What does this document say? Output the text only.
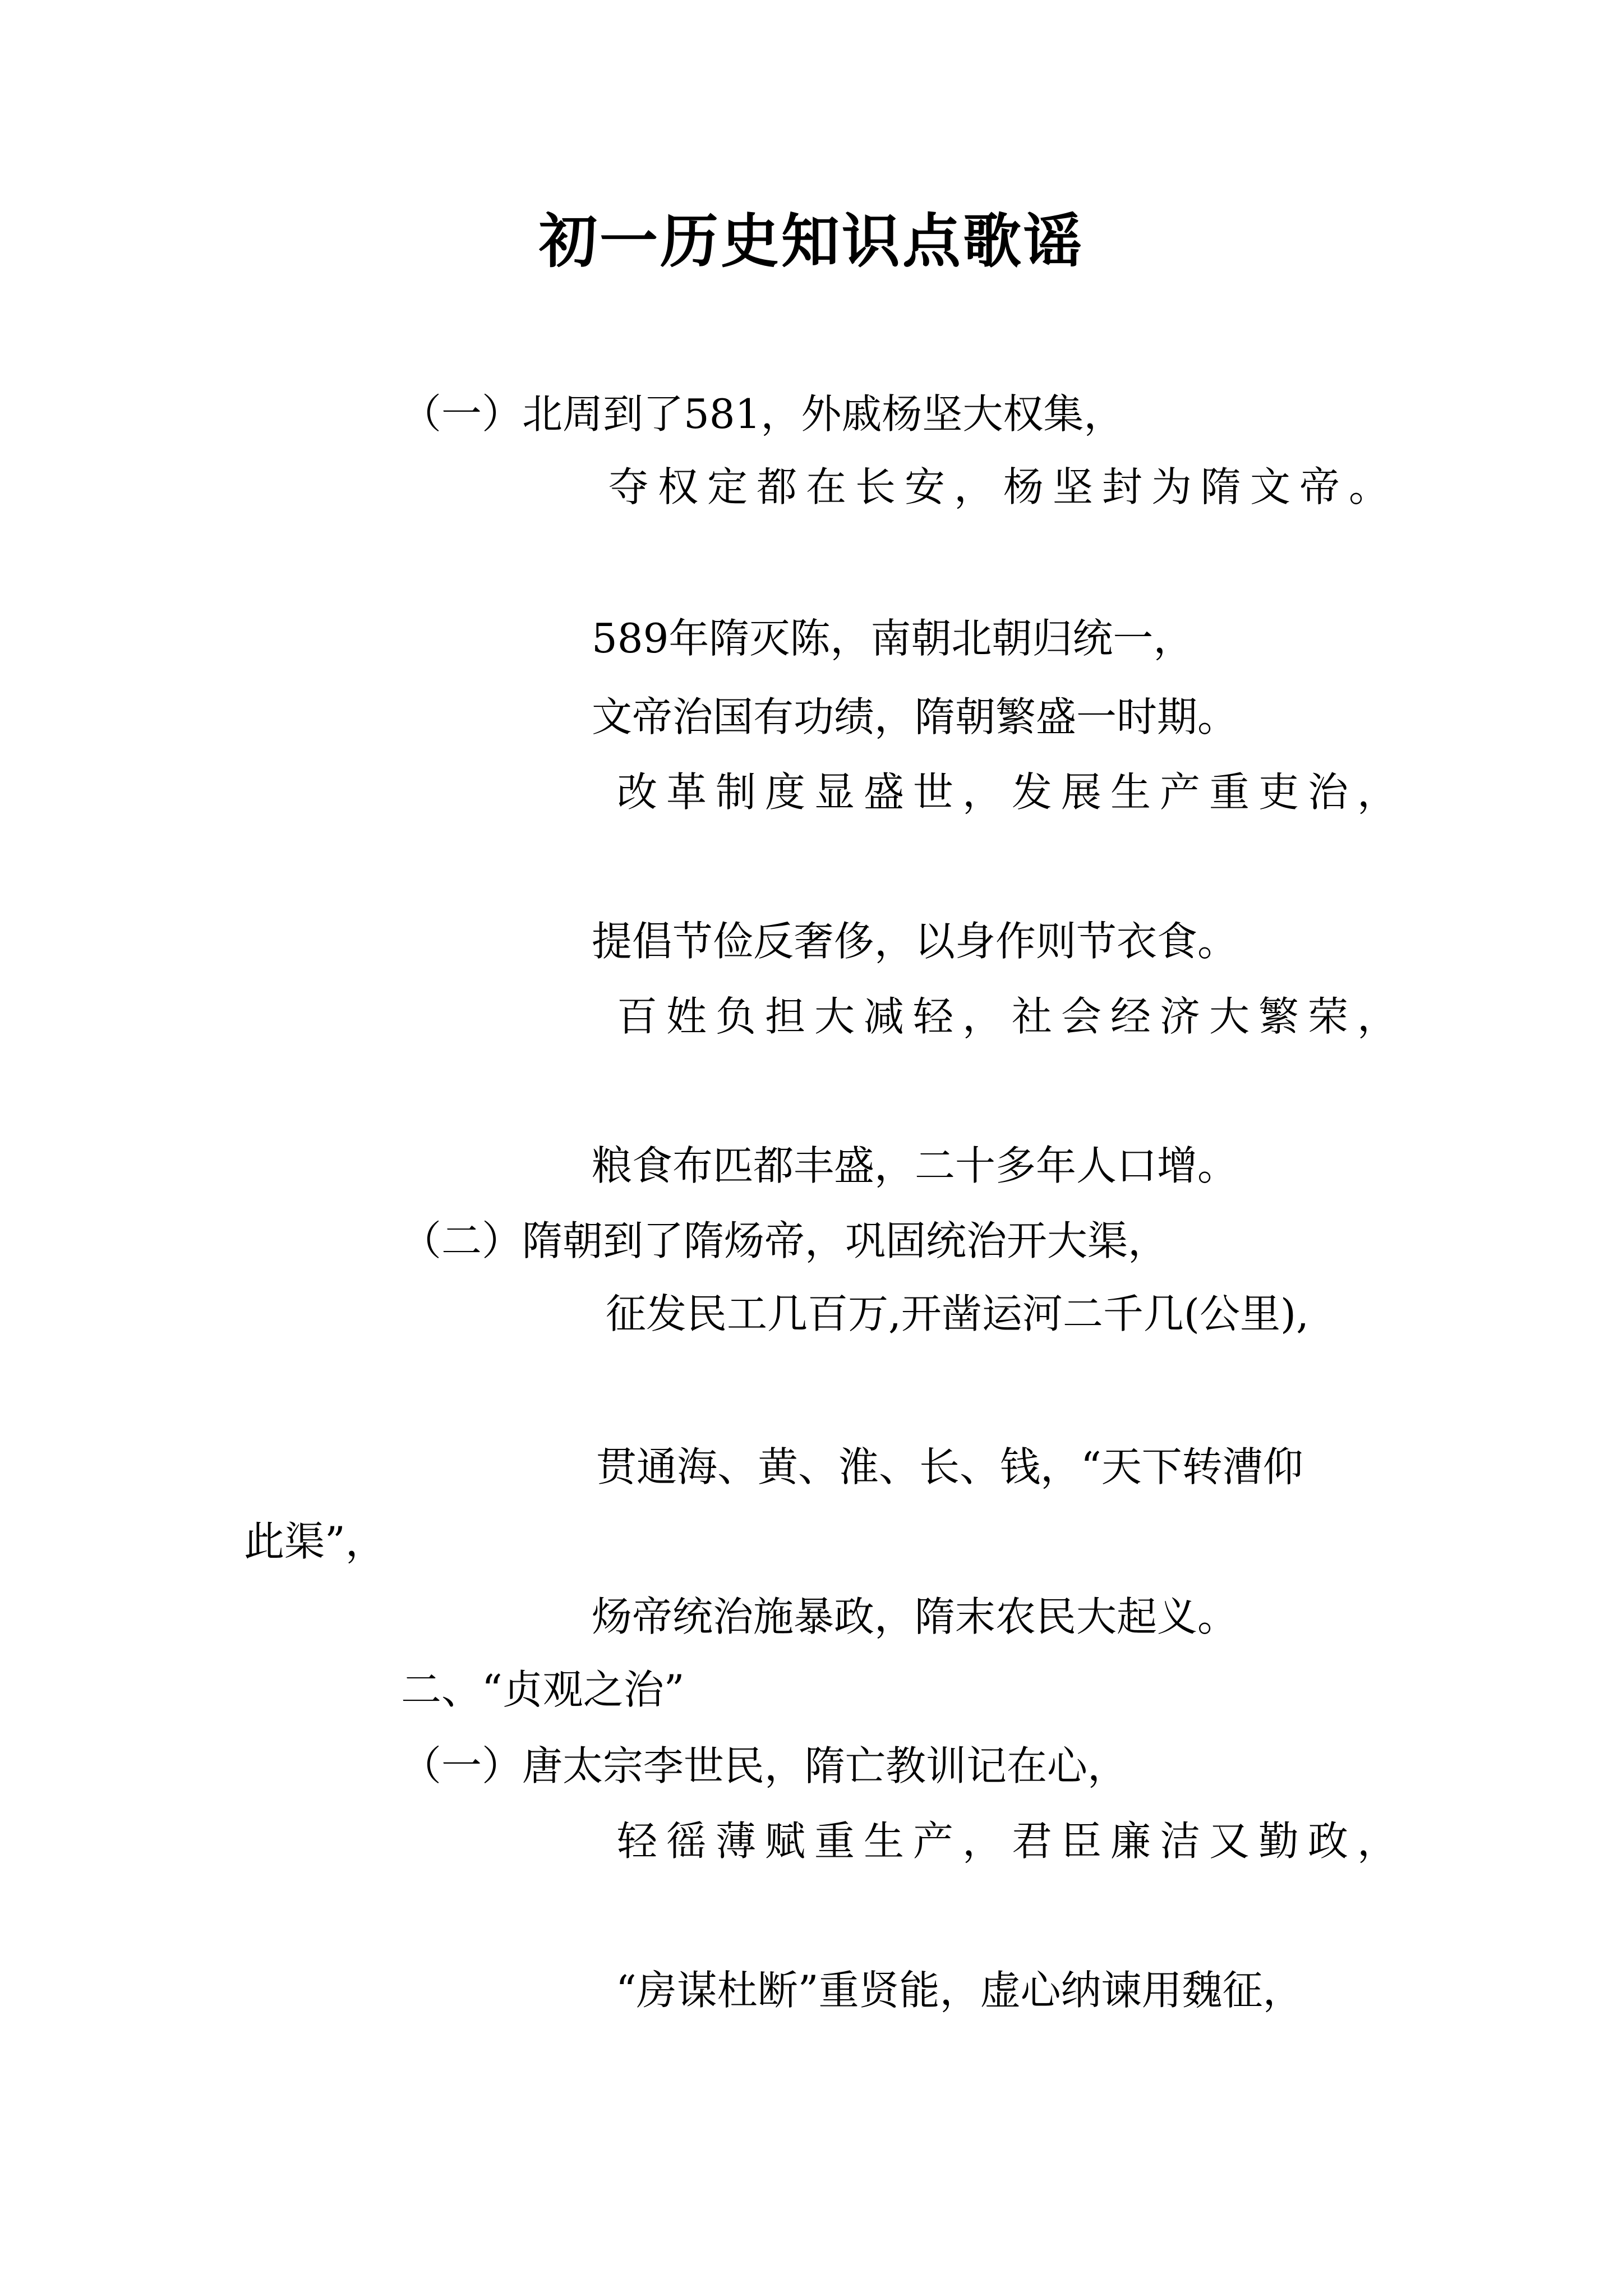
初一历史知识点歌谣
（一）北周到了581，外戚杨坚大权集，
夺权定都在长安，杨坚封为隋文帝。
589年隋灭陈，南朝北朝归统一，
文帝治国有功绩，隋朝繁盛一时期。
改革制度显盛世，发展生产重吏治，
提倡节俭反奢侈，以身作则节衣食。
百姓负担大减轻，社会经济大繁荣，
粮食布匹都丰盛，二十多年人口增。
（二）隋朝到了隋炀帝，巩固统治开大渠，
征发民工几百万,开凿运河二千几(公里),
贯通海、黄、淮、长、钱，“天下转漕仰
此渠”，
炀帝统治施暴政，隋末农民大起义。
二、“贞观之治”
（一）唐太宗李世民，隋亡教训记在心，
轻徭薄赋重生产，君臣廉洁又勤政，
“房谋杜断”重贤能，虚心纳谏用魏征，
